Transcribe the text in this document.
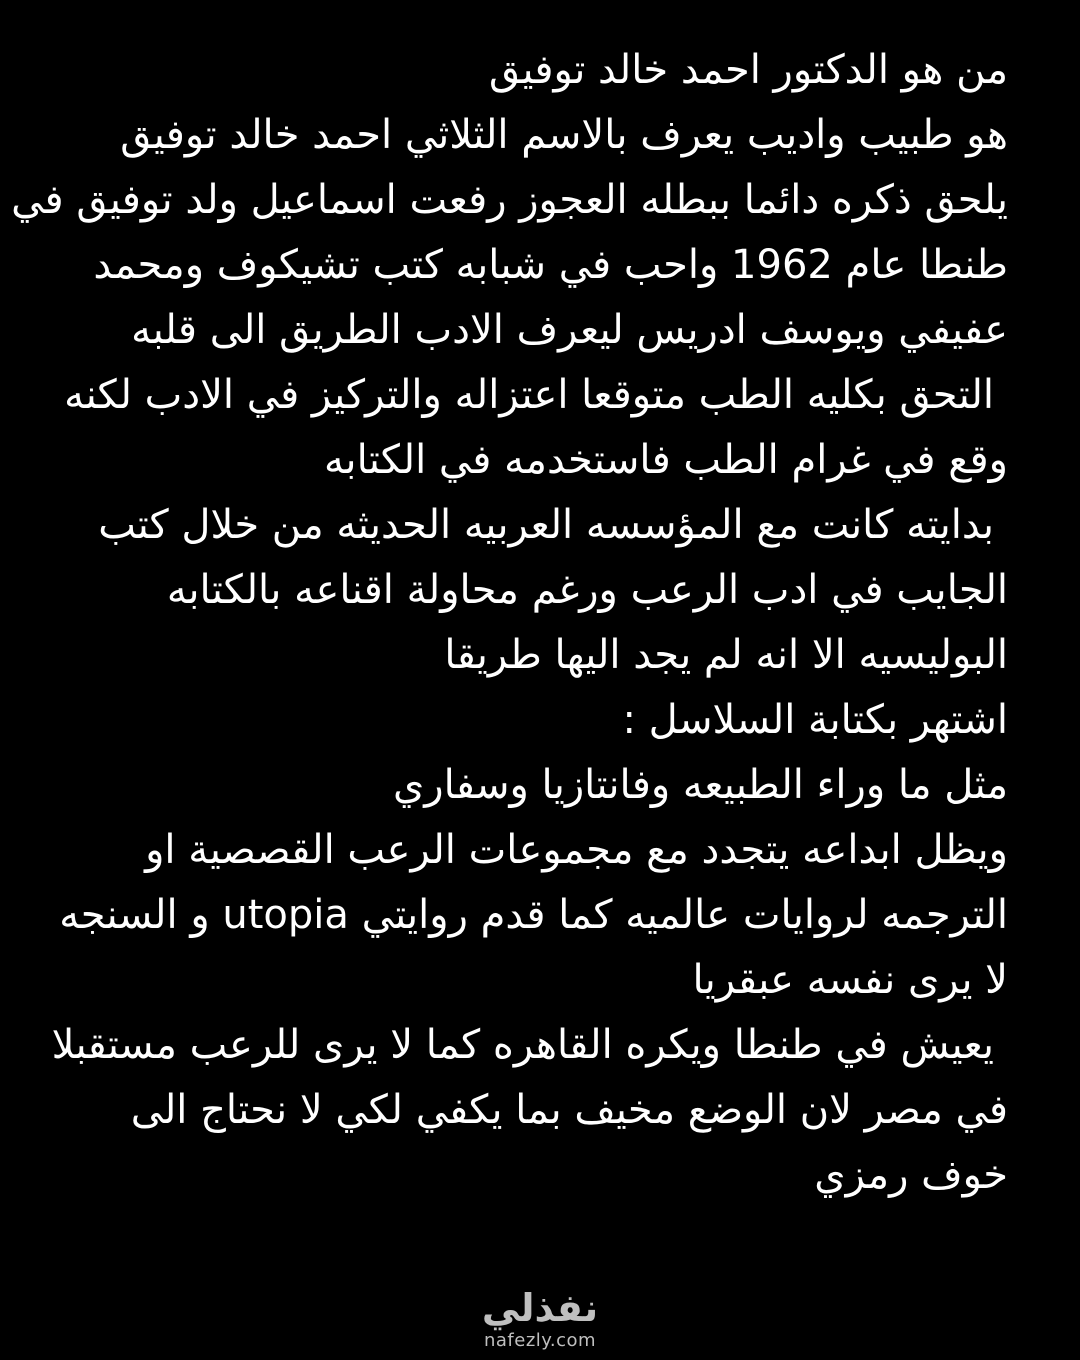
من هو الدكتور احمد خالد توفيق
هو طبيب واديب يعرف بالاسم الثلاثي احمد خالد توفيق
يلحق ذكره دائما ببطله العجوز رفعت اسماعيل ولد توفيق في
طنطا عام 1962 واحب في شبابه كتب تشيكوف ومحمد
عفيفي ويوسف ادريس ليعرف الادب الطريق الى قلبه
التحق بكليه الطب متوقعا اعتزاله والتركيز في الادب لكنه
وقع في غرام الطب فاستخدمه في الكتابه
بدايته كانت مع المؤسسه العربيه الحديثه من خلال كتب
الجايب في ادب الرعب ورغم محاولة اقناعه بالكتابه
البوليسيه الا انه لم يجد اليها طريقا
اشتهر بكتابة السلاسل :
مثل ما وراء الطبيعه وفانتازيا وسفاري
ويظل ابداعه يتجدد مع مجموعات الرعب القصصية او
الترجمه لروايات عالميه كما قدم روايتي utopia و السنجه
لا يرى نفسه عبقريا
يعيش في طنطا ويكره القاهره كما لا يرى للرعب مستقبلا
في مصر لان الوضع مخيف بما يكفي لكي لا نحتاج الى
خوف رمزي
نفذلي
nafezly.com
